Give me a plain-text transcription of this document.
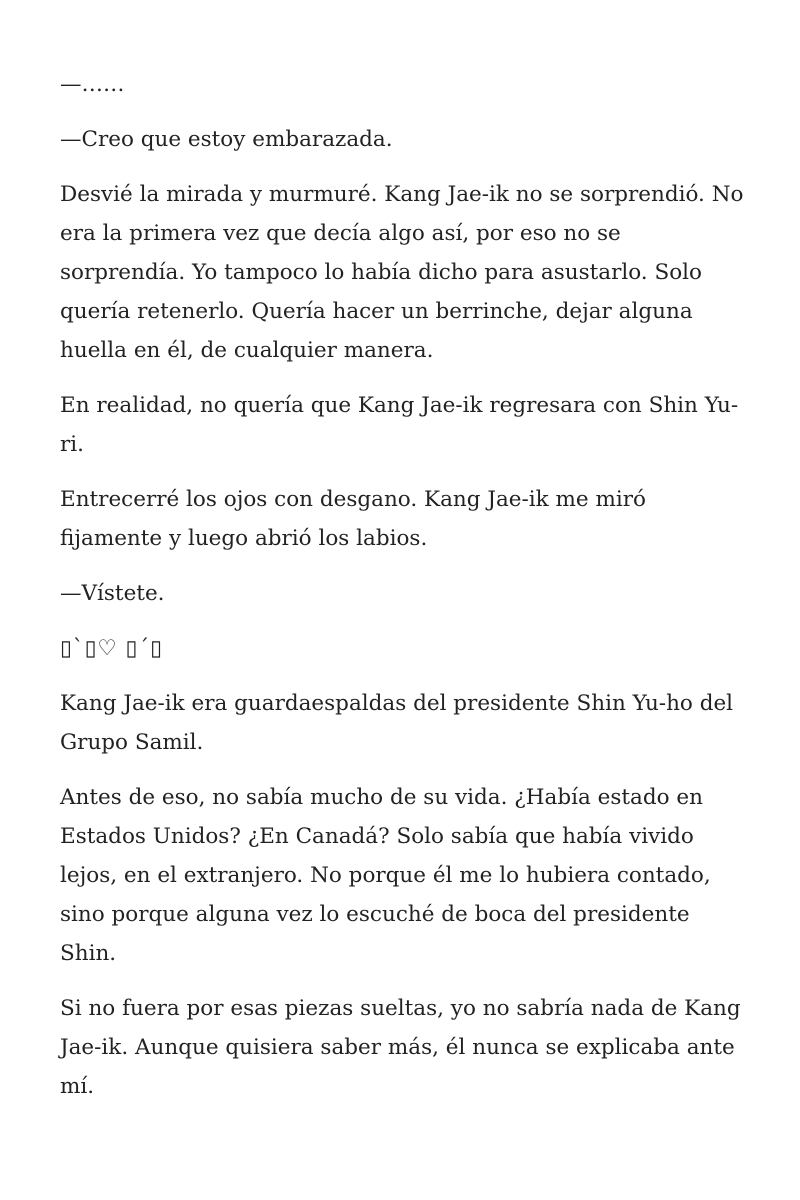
—……

—Creo que estoy embarazada.

Desvié la mirada y murmuré. Kang Jae-ik no se sorprendió. No era la primera vez que decía algo así, por eso no se sorprendía. Yo tampoco lo había dicho para asustarlo. Solo quería retenerlo. Quería hacer un berrinche, dejar alguna huella en él, de cualquier manera.

En realidad, no quería que Kang Jae-ik regresara con Shin Yu-ri.

Entrecerré los ojos con desgano. Kang Jae-ik me miró fijamente y luego abrió los labios.

—Vístete.

▯`▯♡ ▯´▯

Kang Jae-ik era guardaespaldas del presidente Shin Yu-ho del Grupo Samil.

Antes de eso, no sabía mucho de su vida. ¿Había estado en Estados Unidos? ¿En Canadá? Solo sabía que había vivido lejos, en el extranjero. No porque él me lo hubiera contado, sino porque alguna vez lo escuché de boca del presidente Shin.

Si no fuera por esas piezas sueltas, yo no sabría nada de Kang Jae-ik. Aunque quisiera saber más, él nunca se explicaba ante mí.
